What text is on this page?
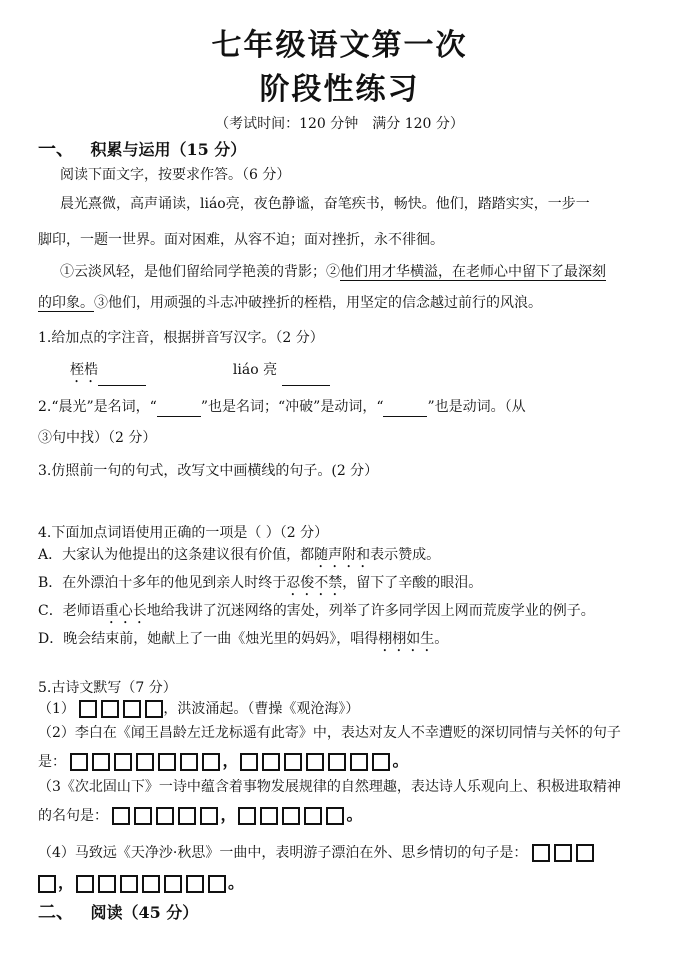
七年级语文第一次
阶段性练习
（考试时间：120 分钟　满分 120 分）
一、 积累与运用（15 分）
阅读下面文字，按要求作答。（6 分）
晨光熹微，高声诵读，liáo亮，夜色静谧，奋笔疾书，畅快。他们，踏踏实实，一步一
脚印，一题一世界。面对困难，从容不迫；面对挫折，永不徘徊。
①云淡风轻，是他们留给同学艳羡的背影；②他们用才华横溢，在老师心中留下了最深刻
的印象。③他们，用顽强的斗志冲破挫折的桎梏，用坚定的信念越过前行的风浪。
1.给加点的字注音，根据拼音写汉字。（2 分）
桎梏	liáo 亮
2.“晨光”是名词，“	”也是名词；“冲破”是动词，“	”也是动词。（从
③句中找）（2 分）
3.仿照前一句的句式，改写文中画横线的句子。(2 分）
4.下面加点词语使用正确的一项是（ ）（2 分）
A．大家认为他提出的这条建议很有价值，都随声附和表示赞成。
B．在外漂泊十多年的他见到亲人时终于忍俊不禁，留下了辛酸的眼泪。
C．老师语重心长地给我讲了沉迷网络的害处，列举了许多同学因上网而荒废学业的例子。
D．晚会结束前，她献上了一曲《烛光里的妈妈》，唱得栩栩如生。
5.古诗文默写（7 分）
（1）	，洪波涌起。（曹操《观沧海》）
（2）李白在《闻王昌龄左迁龙标遥有此寄》中，表达对友人不幸遭贬的深切同情与关怀的句子
是：	，	。
（3《次北固山下》一诗中蕴含着事物发展规律的自然理趣，表达诗人乐观向上、积极进取精神
的名句是：	，	。
（4）马致远《天净沙·秋思》一曲中，表明游子漂泊在外、思乡情切的句子是：
，	。
二、 阅读（45 分）
